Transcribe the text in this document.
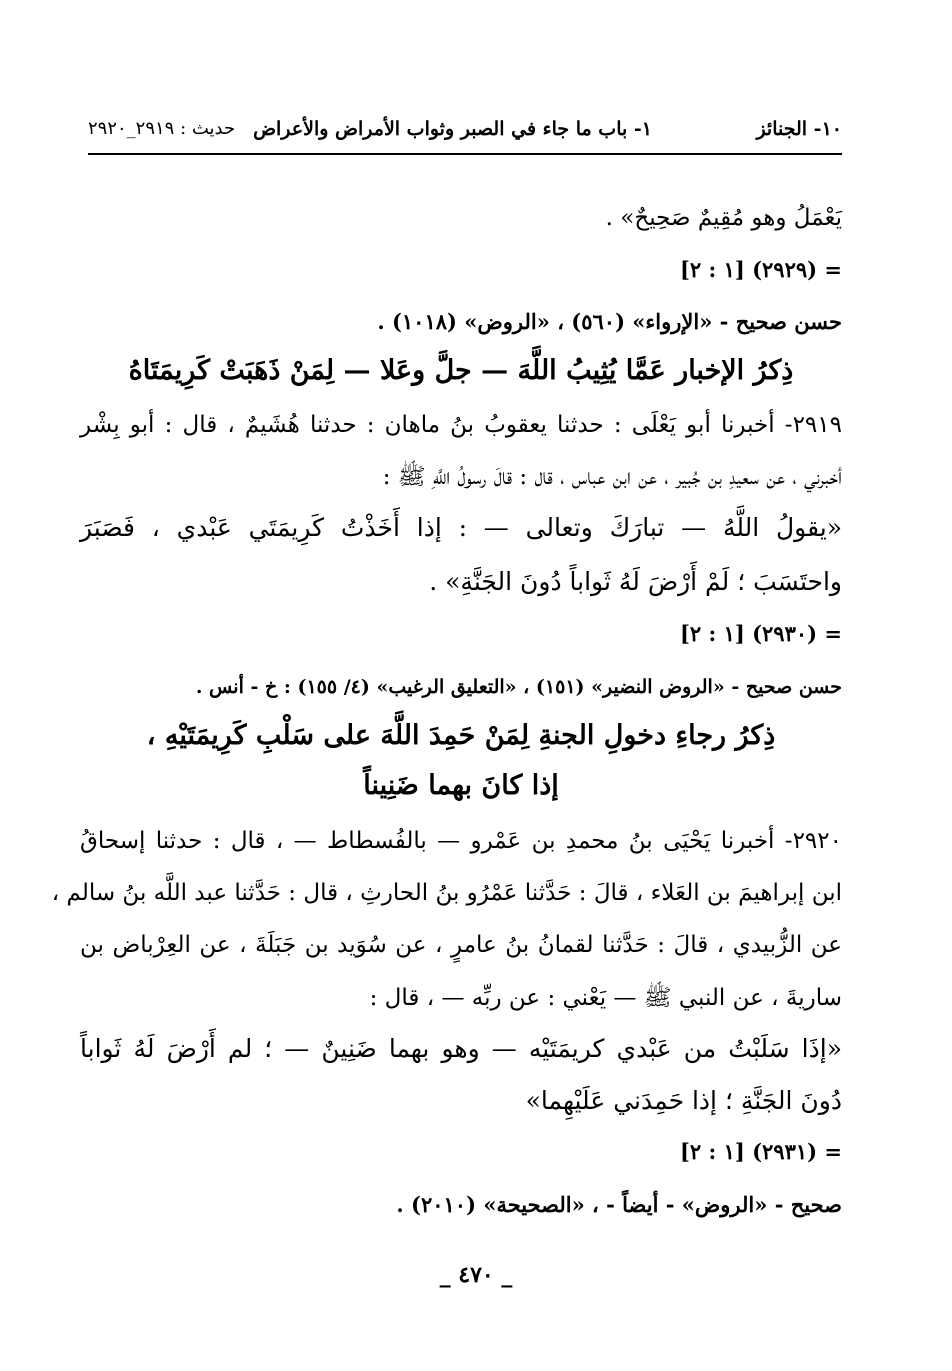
١٠- الجنائز
١- باب ما جاء في الصبر وثواب الأمراض والأعراض
حديث : ٢٩١٩_٢٩٢٠
يَعْمَلُ وهو مُقِيمٌ صَحِيحٌ» .
= (٢٩٢٩) [١ : ٢]
حسن صحيح - «الإرواء» (٥٦٠) ، «الروض» (١٠١٨) .
ذِكرُ الإخبار عَمَّا يُثِيبُ اللَّهَ — جلَّ وعَلا — لِمَنْ ذَهَبَتْ كَرِيمَتَاهُ
٢٩١٩- أخبرنا أبو يَعْلَى : حدثنا يعقوبُ بنُ ماهان : حدثنا هُشَيمٌ ، قال : أبو بِشْر
أخبرني ، عن سعيدِ بن جُبير ، عن ابن عباس ، قال : قالَ رسولُ اللَّهِ ﷺ :
«يقولُ اللَّهُ — تبارَكَ وتعالى — : إذا أَخَذْتُ كَرِيمَتَي عَبْدي ، فَصَبَرَ
واحتَسَبَ ؛ لَمْ أَرْضَ لَهُ ثَواباً دُونَ الجَنَّةِ» .
= (٢٩٣٠) [١ : ٢]
حسن صحيح - «الروض النضير» (١٥١) ، «التعليق الرغيب» (٤/ ١٥٥) : خ - أنس .
ذِكرُ رجاءِ دخولِ الجنةِ لِمَنْ حَمِدَ اللَّهَ على سَلْبِ كَرِيمَتَيْهِ ،
إذا كانَ بهما ضَنِيناً
٢٩٢٠- أخبرنا يَحْيَى بنُ محمدِ بن عَمْرو — بالفُسطاط — ، قال : حدثنا إسحاقُ
ابن إبراهيمَ بن العَلاء ، قالَ : حَدَّثنا عَمْرُو بنُ الحارثِ ، قال : حَدَّثنا عبد اللَّه بنُ سالم ،
عن الزُّبيدي ، قالَ : حَدَّثنا لقمانُ بنُ عامرٍ ، عن سُوَيد بن جَبَلَةَ ، عن العِرْباض بن
ساريةَ ، عن النبي ﷺ — يَعْني : عن ربِّه — ، قال :
«إذَا سَلَبْتُ من عَبْدي كريمَتَيْه — وهو بهما ضَنِينٌ — ؛ لم أَرْضَ لَهُ ثَواباً
دُونَ الجَنَّةِ ؛ إذا حَمِدَني عَلَيْهِما»
= (٢٩٣١) [١ : ٢]
صحيح - «الروض» - أيضاً - ، «الصحيحة» (٢٠١٠) .
_ ٤٧٠ _
